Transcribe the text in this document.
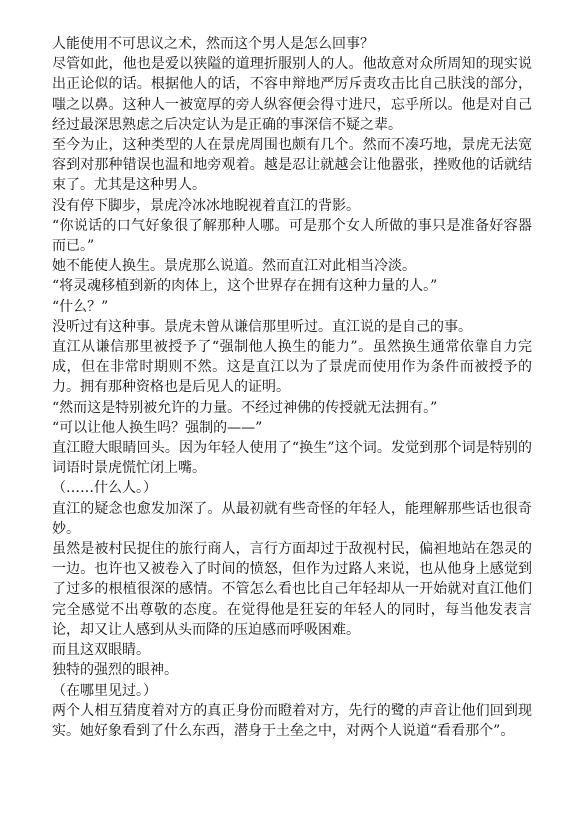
人能使用不可思议之术，然而这个男人是怎么回事？

尽管如此，他也是爱以狭隘的道理折服别人的人。他故意对众所周知的现实说出正论似的话。根据他人的话，不容申辩地严厉斥责攻击比自己肤浅的部分，嗤之以鼻。这种人一被宽厚的旁人纵容便会得寸进尺，忘乎所以。他是对自己经过最深思熟虑之后决定认为是正确的事深信不疑之辈。

至今为止，这种类型的人在景虎周围也颇有几个。然而不凑巧地，景虎无法宽容到对那种错误也温和地旁观着。越是忍让就越会让他嚣张，挫败他的话就结束了。尤其是这种男人。

没有停下脚步，景虎冷冰冰地睨视着直江的背影。

“你说话的口气好象很了解那种人哪。可是那个女人所做的事只是准备好容器而已。”

她不能使人换生。景虎那么说道。然而直江对此相当冷淡。

“将灵魂移植到新的肉体上，这个世界存在拥有这种力量的人。”

“什么？”

没听过有这种事。景虎未曾从谦信那里听过。直江说的是自己的事。

直江从谦信那里被授予了“强制他人换生的能力”。虽然换生通常依靠自力完成，但在非常时期则不然。这是直江以为了景虎而使用作为条件而被授予的力。拥有那种资格也是后见人的证明。

“然而这是特别被允许的力量。不经过神佛的传授就无法拥有。”

“可以让他人换生吗？强制的——”

直江瞪大眼睛回头。因为年轻人使用了“换生”这个词。发觉到那个词是特别的词语时景虎慌忙闭上嘴。

（……什么人。）

直江的疑念也愈发加深了。从最初就有些奇怪的年轻人，能理解那些话也很奇妙。

虽然是被村民捉住的旅行商人，言行方面却过于敌视村民，偏袒地站在怨灵的一边。也许也又被卷入了时间的愤怒，但作为过路人来说，也从他身上感觉到了过多的根植很深的感情。不管怎么看也比自己年轻却从一开始就对直江他们完全感觉不出尊敬的态度。在觉得他是狂妄的年轻人的同时，每当他发表言论，却又让人感到从头而降的压迫感而呼吸困难。

而且这双眼睛。

独特的强烈的眼神。

（在哪里见过。）

两个人相互猜度着对方的真正身份而瞪着对方，先行的鹭的声音让他们回到现实。她好象看到了什么东西，潜身于土垒之中，对两个人说道“看看那个”。
